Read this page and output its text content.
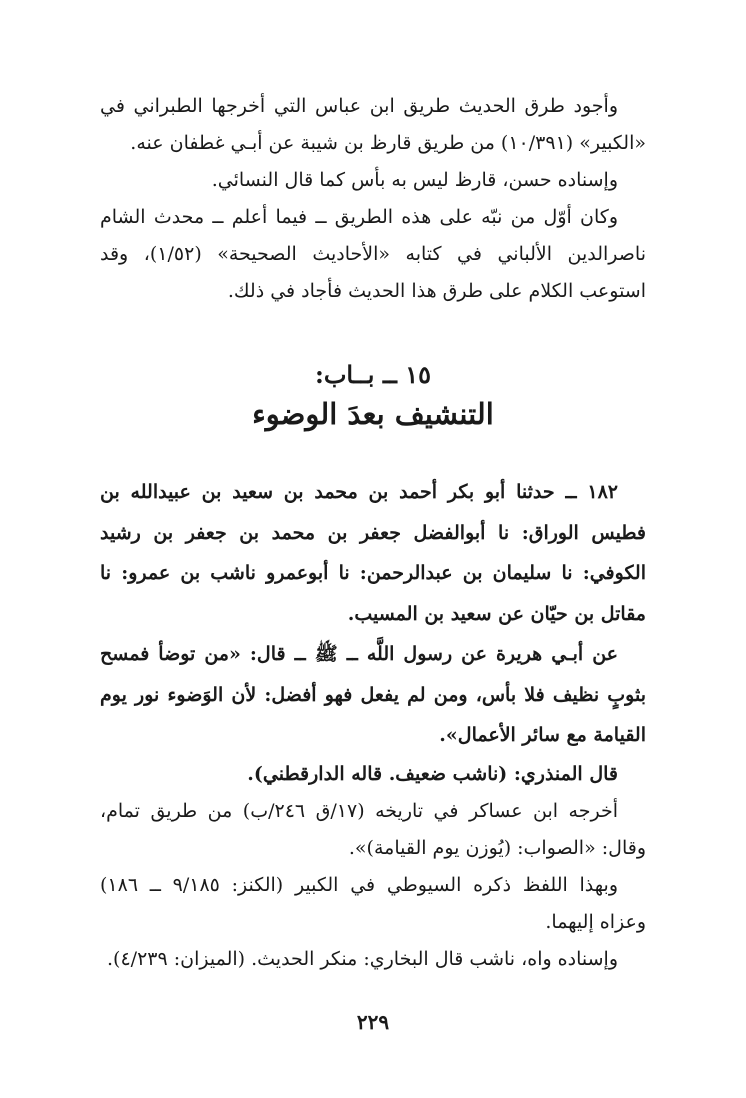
وأجود طرق الحديث طريق ابن عباس التي أخرجها الطبراني في «الكبير» (١٠/٣٩١) من طريق قارظ بن شيبة عن أبـي غطفان عنه.

وإسناده حسن، قارظ ليس به بأس كما قال النسائي.

وكان أوّل من نبّه على هذه الطريق ــ فيما أعلم ــ محدث الشام ناصرالدين الألباني في كتابه «الأحاديث الصحيحة» (١/٥٢)، وقد استوعب الكلام على طرق هذا الحديث فأجاد في ذلك.

١٥ ــ بــاب:
التنشيف بعدَ الوضوء

١٨٢ ــ حدثنا أبو بكر أحمد بن محمد بن سعيد بن عبيدالله بن فطيس الوراق: نا أبوالفضل جعفر بن محمد بن جعفر بن رشيد الكوفي: نا سليمان بن عبدالرحمن: نا أبوعمرو ناشب بن عمرو: نا مقاتل بن حيّان عن سعيد بن المسيب.

عن أبـي هريرة عن رسول اللَّه ــ ﷺ ــ قال: «من توضأ فمسح بثوبٍ نظيف فلا بأس، ومن لم يفعل فهو أفضل: لأن الوَضوء نور يوم القيامة مع سائر الأعمال».

قال المنذري: (ناشب ضعيف. قاله الدارقطني).

أخرجه ابن عساكر في تاريخه (١٧/ق ٢٤٦/ب) من طريق تمام، وقال: «الصواب: (يُوزن يوم القيامة)».

وبهذا اللفظ ذكره السيوطي في الكبير (الكنز: ٩/١٨٥ ــ ١٨٦) وعزاه إليهما.

وإسناده واه، ناشب قال البخاري: منكر الحديث. (الميزان: ٤/٢٣٩).

٢٢٩
